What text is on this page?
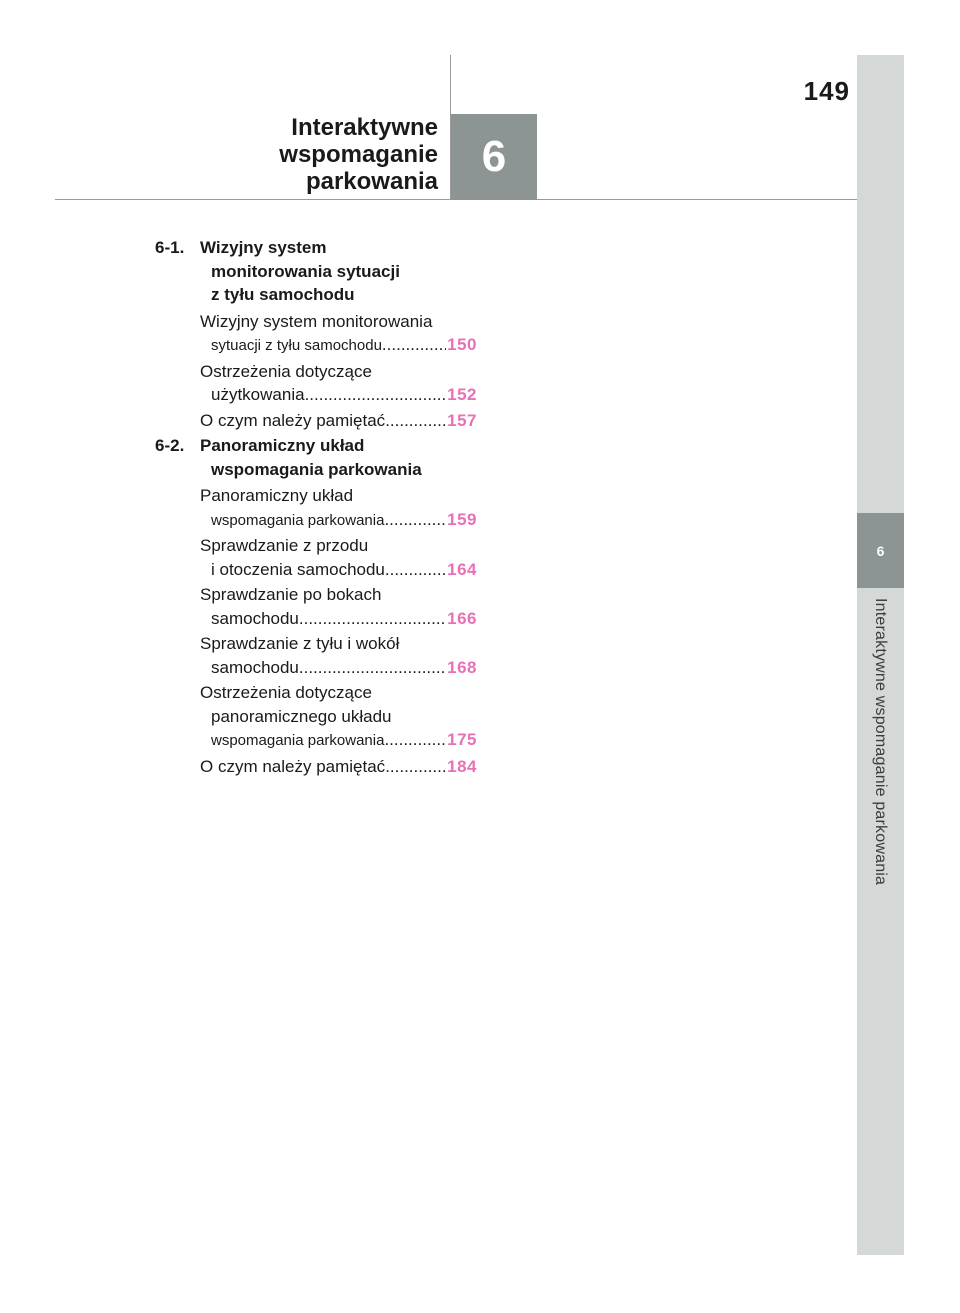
149
Interaktywne
wspomaganie
parkowania
6
6
Interaktywne wspomaganie parkowania
6-1. Wizyjny system
monitorowania sytuacji
z tyłu samochodu
Wizyjny system monitorowania
sytuacji z tyłu samochodu .....	150
Ostrzeżenia dotyczące
użytkowania .....	152
O czym należy pamiętać .....	157
6-2. Panoramiczny układ
wspomagania parkowania
Panoramiczny układ
wspomagania parkowania .....	159
Sprawdzanie z przodu
i otoczenia samochodu .....	164
Sprawdzanie po bokach
samochodu .....	166
Sprawdzanie z tyłu i wokół
samochodu .....	168
Ostrzeżenia dotyczące
panoramicznego układu
wspomagania parkowania .....	175
O czym należy pamiętać .....	184
